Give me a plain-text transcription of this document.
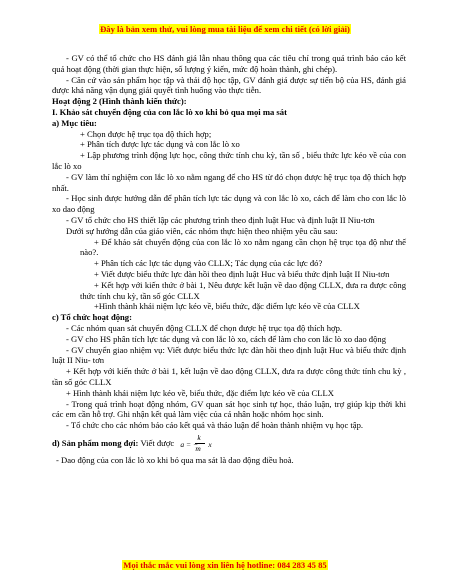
Đây là bản xem thử, vui lòng mua tài liệu để xem chi tiết (có lời giải)

- GV có thể tổ chức cho HS đánh giá lẫn nhau thông qua các tiêu chí trong quá trình báo cáo kết quả hoạt động (thời gian thực hiện, số lượng ý kiến, mức độ hoàn thành, ghi chép).

- Căn cứ vào sản phẩm học tập và thái độ học tập, GV đánh giá được sự tiến bộ của HS, đánh giá được khả năng vận dụng giải quyết tình huống vào thực tiễn.

Hoạt động 2 (Hình thành kiến thức):

I. Khảo sát chuyển động của con lắc lò xo khi bỏ qua mọi ma sát

a) Mục tiêu:

+ Chọn được hệ trục tọa độ thích hợp;

+ Phân tích được lực tác dụng và con lắc lò xo

+ Lập phương trình động lực học, công thức tính chu kỳ, tần số , biểu thức lực kéo về của con lắc lò xo

- GV làm thí nghiệm con lắc lò xo nằm ngang để cho HS từ đó chọn được hệ trục tọa độ thích hợp nhất.

- Học sinh được hướng dẫn để phân tích lực tác dụng và con lắc lò xo, cách để làm cho con lắc lò xo dao động

- GV tổ chức cho HS thiết lập các phương trình theo định luật Huc và định luật II Niu-tơn

Dưới sự hướng dẫn của giáo viên, các nhóm thực hiện theo nhiệm yêu cầu sau:

+ Để khảo sát chuyển động của con lắc lò xo nằm ngang cần chọn hệ trục tọa độ như thế nào?.

+ Phân tích các lực tác dụng vào CLLX; Tác dụng của các lực đó?

+ Viết được biểu thức lực đàn hồi theo định luật Huc và biểu thức định luật II Niu-tơn

+ Kết hợp với kiến thức ở bài 1, Nêu được kết luận về dao động CLLX, đưa ra được công thức tính chu kỳ, tần số góc CLLX

+Hình thành khái niệm lực kéo về, biểu thức, đặc điểm lực kéo về của CLLX

c) Tổ chức hoạt động:

- Các nhóm quan sát chuyển động CLLX để chọn được hệ trục tọa độ thích hợp.

- GV cho HS phân tích lực tác dụng và con lắc lò xo, cách để làm cho con lắc lò xo dao động

- GV chuyển giao nhiệm vụ: Viết được biểu thức lực đàn hồi theo định luật Huc và biểu thức định luật II Niu- tơn

+ Kết hợp với kiến thức ở bài 1, kết luận về dao động CLLX, đưa ra được công thức tính chu kỳ , tần số góc CLLX

+ Hình thành khái niệm lực kéo về, biểu thức, đặc điểm lực kéo về của CLLX

- Trong quá trình hoạt động nhóm, GV quan sát học sinh tự học, thảo luận, trợ giúp kịp thời khi các em cần hỗ trợ. Ghi nhận kết quả làm việc của cá nhân hoặc nhóm học sinh.

- Tổ chức cho các nhóm báo cáo kết quả và thảo luận để hoàn thành nhiệm vụ học tập.

d) Sản phẩm mong đợi: Viết được a = −
k
m x

- Dao động của con lắc lò xo khi bỏ qua ma sát là dao động điều hoà.

Mọi thắc mắc vui lòng xin liên hệ hotline: 084 283 45 85
